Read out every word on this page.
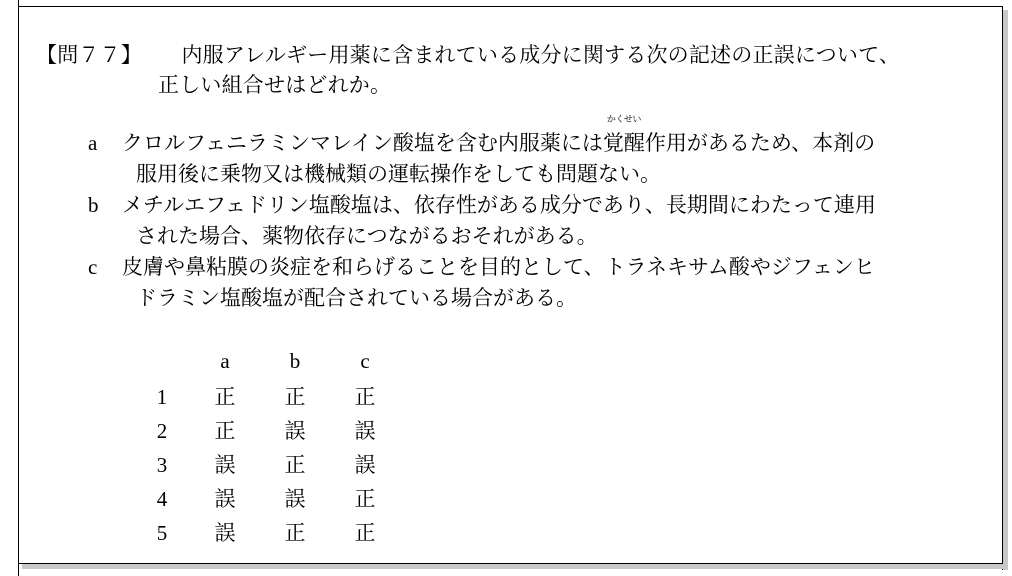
【問７７】 内服アレルギー用薬に含まれている成分に関する次の記述の正誤について、
正しい組合せはどれか。
a	クロルフェニラミンマレイン酸塩を含む内服薬には
かくせい
覚醒作用があるため、本剤の
服用後に乗物又は機械類の運転操作をしても問題ない。
b	メチルエフェドリン塩酸塩は、依存性がある成分であり、長期間にわたって連用
された場合、薬物依存につながるおそれがある。
c	皮膚や鼻粘膜の炎症を和らげることを目的として、トラネキサム酸やジフェンヒ
ドラミン塩酸塩が配合されている場合がある。
	a	b	c
1	正	正	正
2	正	誤	誤
3	誤	正	誤
4	誤	誤	正
5	誤	正	正
